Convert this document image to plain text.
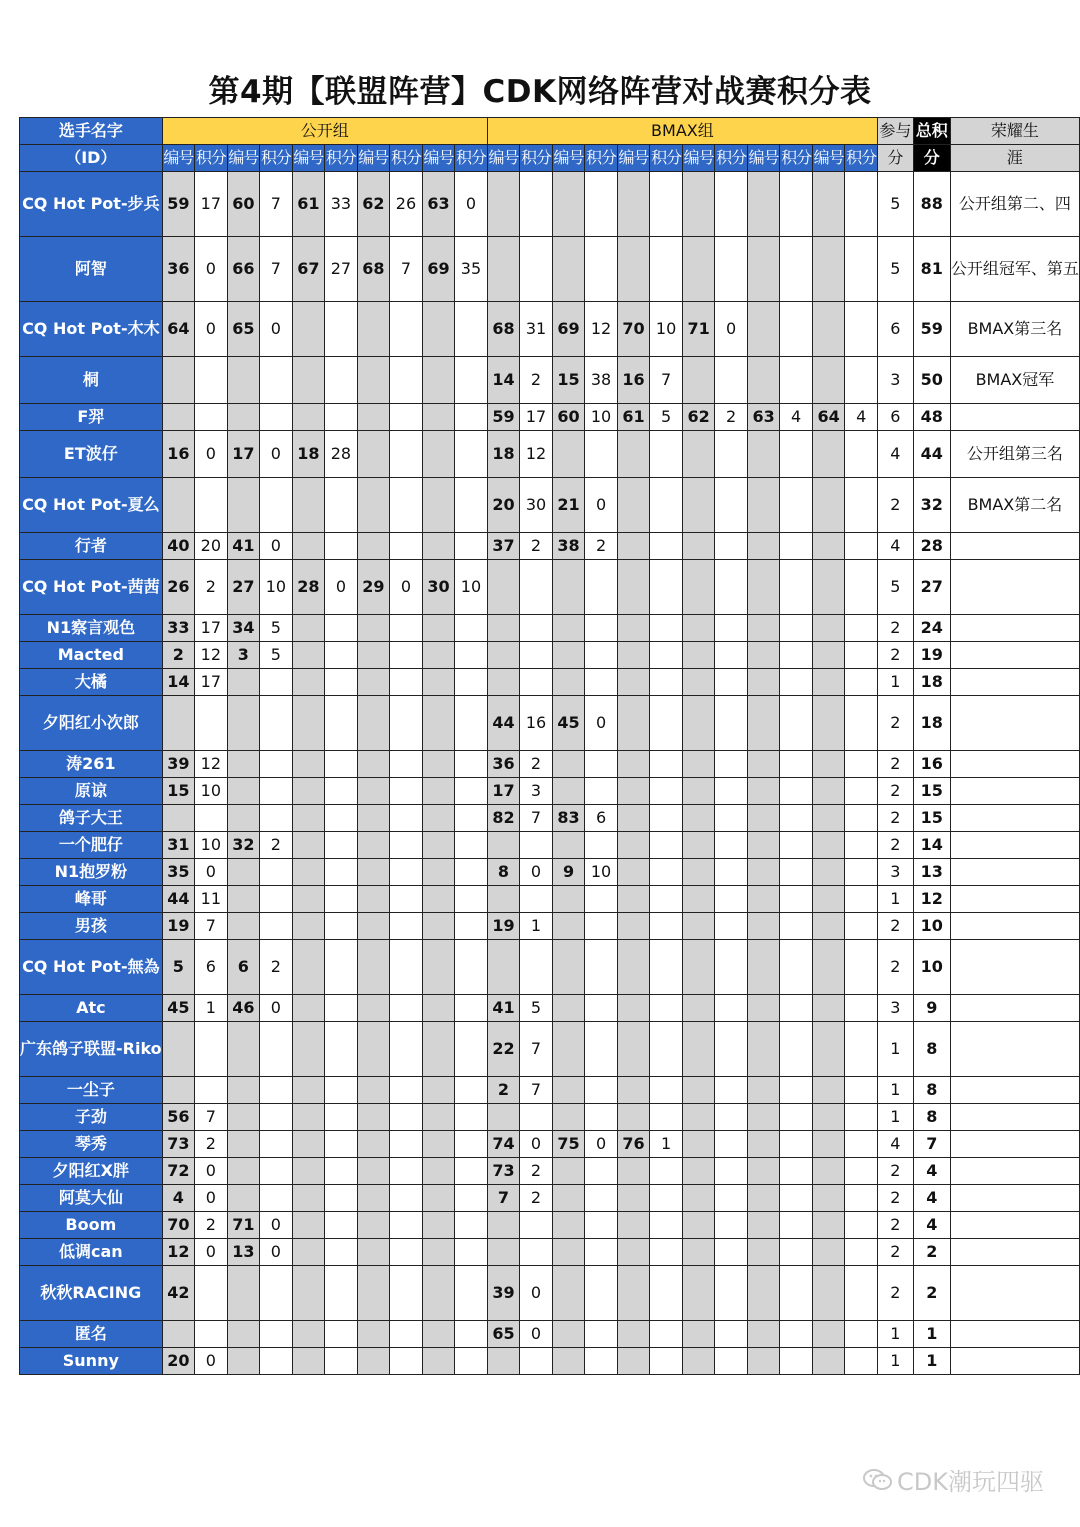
第4期【联盟阵营】CDK网络阵营对战赛积分表
选手名字	公开组										BMAX组												参与	总积	荣耀生
（ID）	编号	积分	编号	积分	编号	积分	编号	积分	编号	积分	编号	积分	编号	积分	编号	积分	编号	积分	编号	积分	编号	积分	分	分	涯
CQ Hot Pot-步兵	59	17	60	7	61	33	62	26	63	0													5	88	公开组第二、四
阿智	36	0	66	7	67	27	68	7	69	35													5	81	公开组冠军、第五
CQ Hot Pot-木木	64	0	65	0							68	31	69	12	70	10	71	0					6	59	BMAX第三名
桐											14	2	15	38	16	7							3	50	BMAX冠军
F羿											59	17	60	10	61	5	62	2	63	4	64	4	6	48	
ET波仔	16	0	17	0	18	28					18	12											4	44	公开组第三名
CQ Hot Pot-夏么											20	30	21	0									2	32	BMAX第二名
行者	40	20	41	0							37	2	38	2									4	28	
CQ Hot Pot-茜茜	26	2	27	10	28	0	29	0	30	10													5	27	
N1察言观色	33	17	34	5																			2	24	
Macted	2	12	3	5																			2	19	
大橘	14	17																					1	18	
夕阳红小次郎											44	16	45	0									2	18	
涛261	39	12									36	2											2	16	
原谅	15	10									17	3											2	15	
鸽子大王											82	7	83	6									2	15	
一个肥仔	31	10	32	2																			2	14	
N1抱罗粉	35	0									8	0	9	10									3	13	
峰哥	44	11																					1	12	
男孩	19	7									19	1											2	10	
CQ Hot Pot-無為	5	6	6	2																			2	10	
Atc	45	1	46	0							41	5											3	9	
广东鸽子联盟-Riko											22	7											1	8	
一尘子											2	7											1	8	
子劲	56	7																					1	8	
琴秀	73	2									74	0	75	0	76	1							4	7	
夕阳红X胖	72	0									73	2											2	4	
阿莫大仙	4	0									7	2											2	4	
Boom	70	2	71	0																			2	4	
低调can	12	0	13	0																			2	2	
秋秋RACING	42										39	0											2	2	
匿名											65	0											1	1	
Sunny	20	0																					1	1	
CDK潮玩四驱
